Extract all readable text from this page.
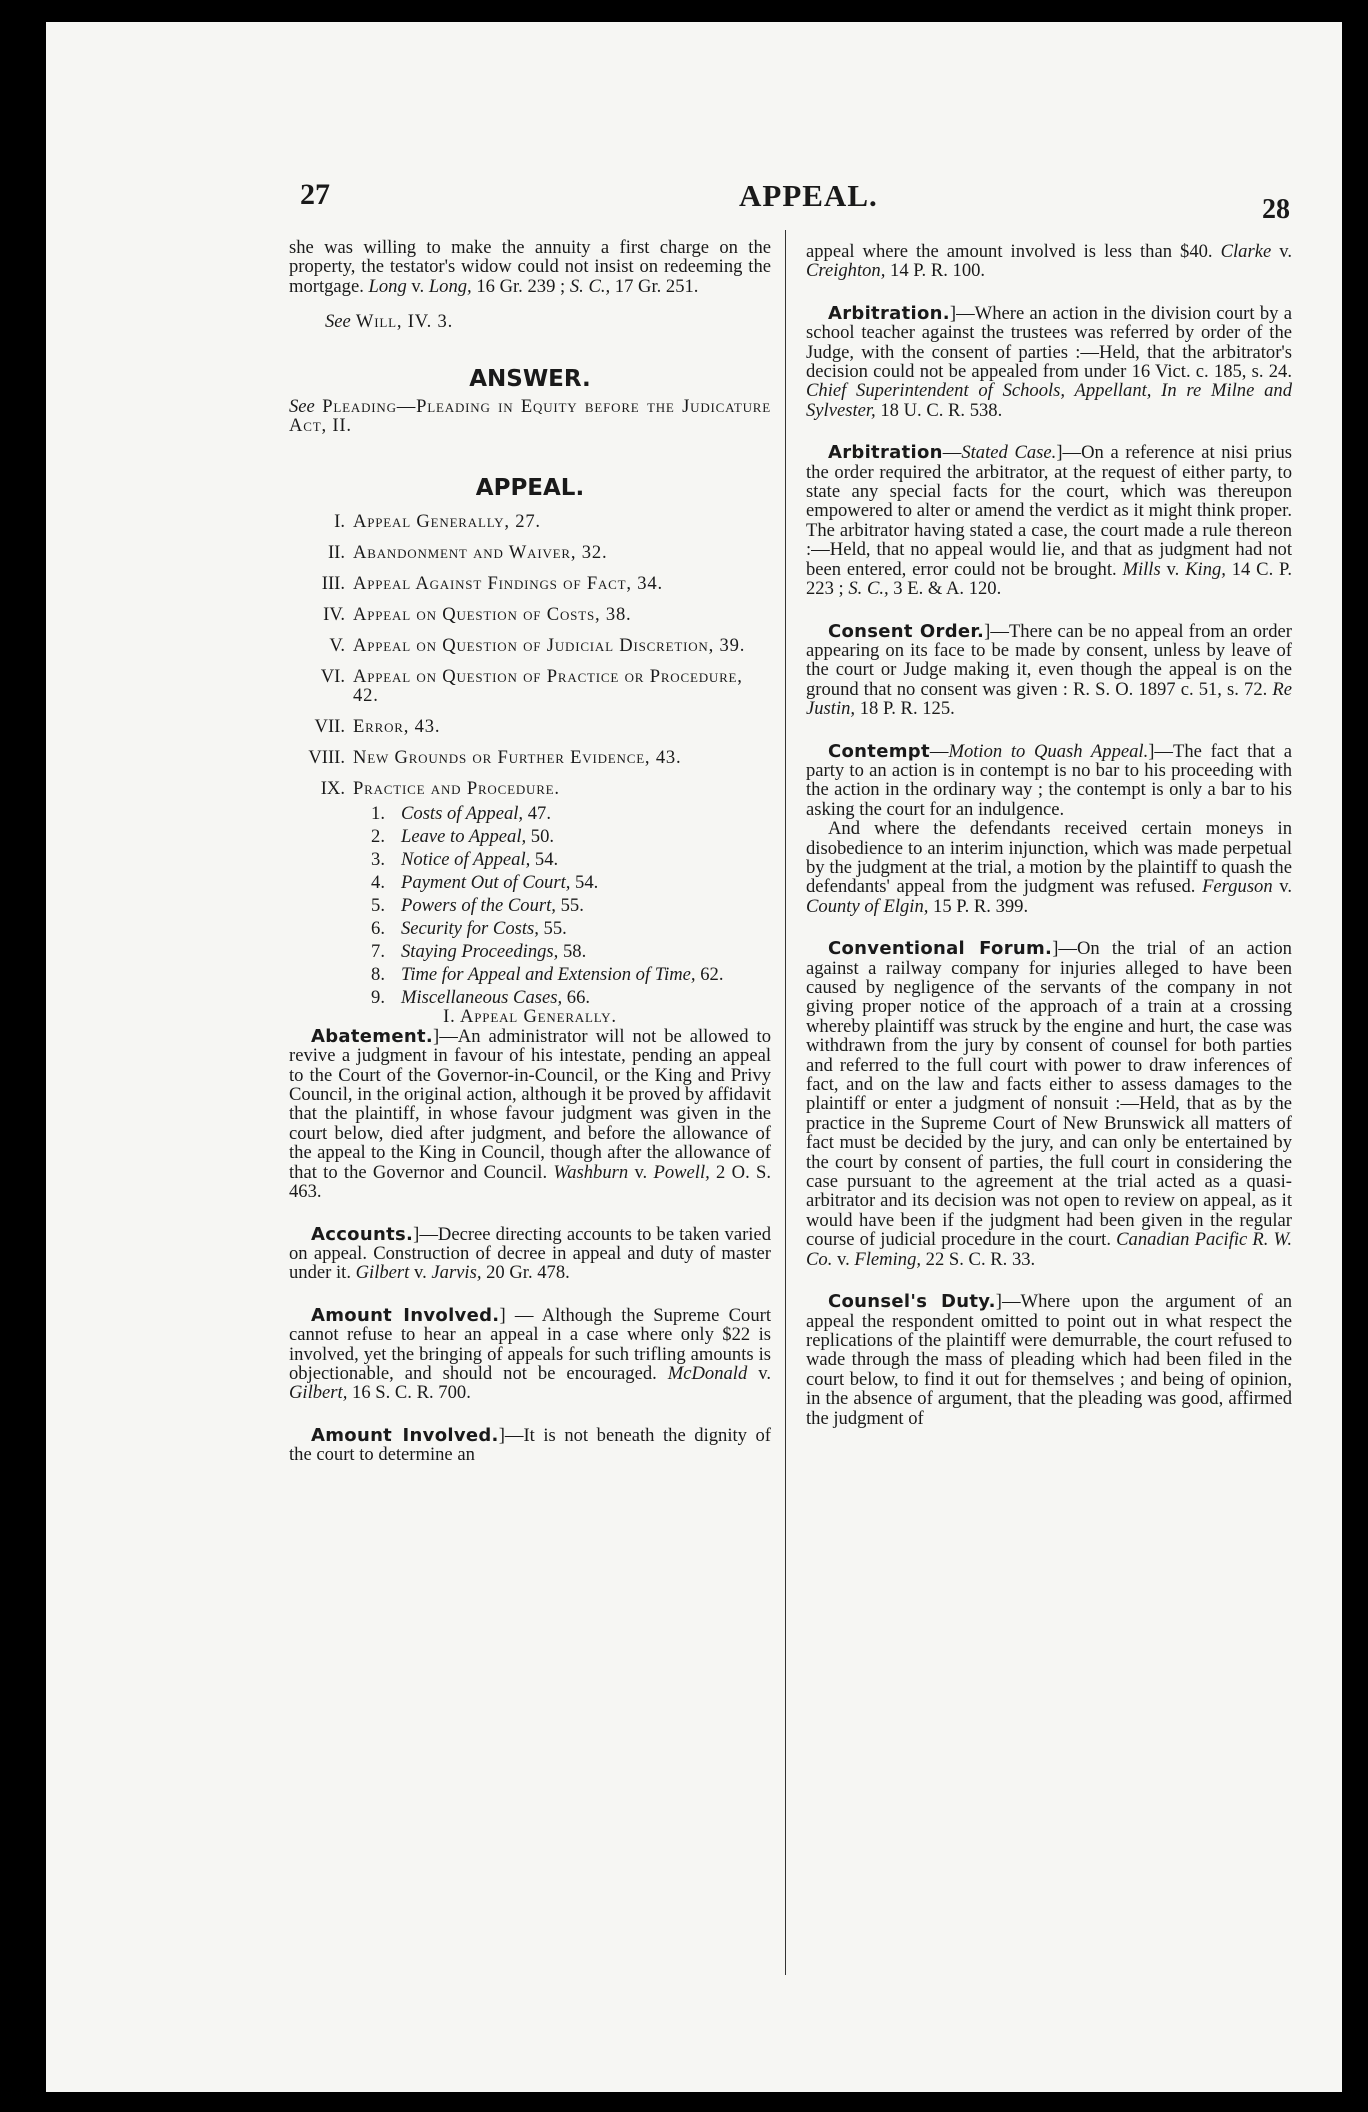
27	APPEAL.	28

she was willing to make the annuity a first charge on the property, the testator's widow could not insist on redeeming the mortgage. Long v. Long, 16 Gr. 239 ; S. C., 17 Gr. 251.

See Will, IV. 3.

ANSWER.

See Pleading—Pleading in Equity before the Judicature Act, II.

APPEAL.
I. Appeal Generally, 27.
II. Abandonment and Waiver, 32.
III. Appeal Against Findings of Fact, 34.
IV. Appeal on Question of Costs, 38.
V. Appeal on Question of Judicial Discretion, 39.
VI. Appeal on Question of Practice or Procedure, 42.
VII. Error, 43.
VIII. New Grounds or Further Evidence, 43.
IX. Practice and Procedure.
1. Costs of Appeal, 47.
2. Leave to Appeal, 50.
3. Notice of Appeal, 54.
4. Payment Out of Court, 54.
5. Powers of the Court, 55.
6. Security for Costs, 55.
7. Staying Proceedings, 58.
8. Time for Appeal and Extension of Time, 62.
9. Miscellaneous Cases, 66.

I. Appeal Generally.

Abatement.]—An administrator will not be allowed to revive a judgment in favour of his intestate, pending an appeal to the Court of the Governor-in-Council, or the King and Privy Council, in the original action, although it be proved by affidavit that the plaintiff, in whose favour judgment was given in the court below, died after judgment, and before the allowance of the appeal to the King in Council, though after the allowance of that to the Governor and Council. Washburn v. Powell, 2 O. S. 463.

Accounts.]—Decree directing accounts to be taken varied on appeal. Construction of decree in appeal and duty of master under it. Gilbert v. Jarvis, 20 Gr. 478.

Amount Involved.] — Although the Supreme Court cannot refuse to hear an appeal in a case where only $22 is involved, yet the bringing of appeals for such trifling amounts is objectionable, and should not be encouraged. McDonald v. Gilbert, 16 S. C. R. 700.

Amount Involved.]—It is not beneath the dignity of the court to determine an

appeal where the amount involved is less than $40. Clarke v. Creighton, 14 P. R. 100.

Arbitration.]—Where an action in the division court by a school teacher against the trustees was referred by order of the Judge, with the consent of parties :—Held, that the arbitrator's decision could not be appealed from under 16 Vict. c. 185, s. 24. Chief Superintendent of Schools, Appellant, In re Milne and Sylvester, 18 U. C. R. 538.

Arbitration—Stated Case.]—On a reference at nisi prius the order required the arbitrator, at the request of either party, to state any special facts for the court, which was thereupon empowered to alter or amend the verdict as it might think proper. The arbitrator having stated a case, the court made a rule thereon :—Held, that no appeal would lie, and that as judgment had not been entered, error could not be brought. Mills v. King, 14 C. P. 223 ; S. C., 3 E. & A. 120.

Consent Order.]—There can be no appeal from an order appearing on its face to be made by consent, unless by leave of the court or Judge making it, even though the appeal is on the ground that no consent was given : R. S. O. 1897 c. 51, s. 72. Re Justin, 18 P. R. 125.

Contempt—Motion to Quash Appeal.]—The fact that a party to an action is in contempt is no bar to his proceeding with the action in the ordinary way ; the contempt is only a bar to his asking the court for an indulgence.

And where the defendants received certain moneys in disobedience to an interim injunction, which was made perpetual by the judgment at the trial, a motion by the plaintiff to quash the defendants' appeal from the judgment was refused. Ferguson v. County of Elgin, 15 P. R. 399.

Conventional Forum.]—On the trial of an action against a railway company for injuries alleged to have been caused by negligence of the servants of the company in not giving proper notice of the approach of a train at a crossing whereby plaintiff was struck by the engine and hurt, the case was withdrawn from the jury by consent of counsel for both parties and referred to the full court with power to draw inferences of fact, and on the law and facts either to assess damages to the plaintiff or enter a judgment of nonsuit :—Held, that as by the practice in the Supreme Court of New Brunswick all matters of fact must be decided by the jury, and can only be entertained by the court by consent of parties, the full court in considering the case pursuant to the agreement at the trial acted as a quasi-arbitrator and its decision was not open to review on appeal, as it would have been if the judgment had been given in the regular course of judicial procedure in the court. Canadian Pacific R. W. Co. v. Fleming, 22 S. C. R. 33.

Counsel's Duty.]—Where upon the argument of an appeal the respondent omitted to point out in what respect the replications of the plaintiff were demurrable, the court refused to wade through the mass of pleading which had been filed in the court below, to find it out for themselves ; and being of opinion, in the absence of argument, that the pleading was good, affirmed the judgment of
